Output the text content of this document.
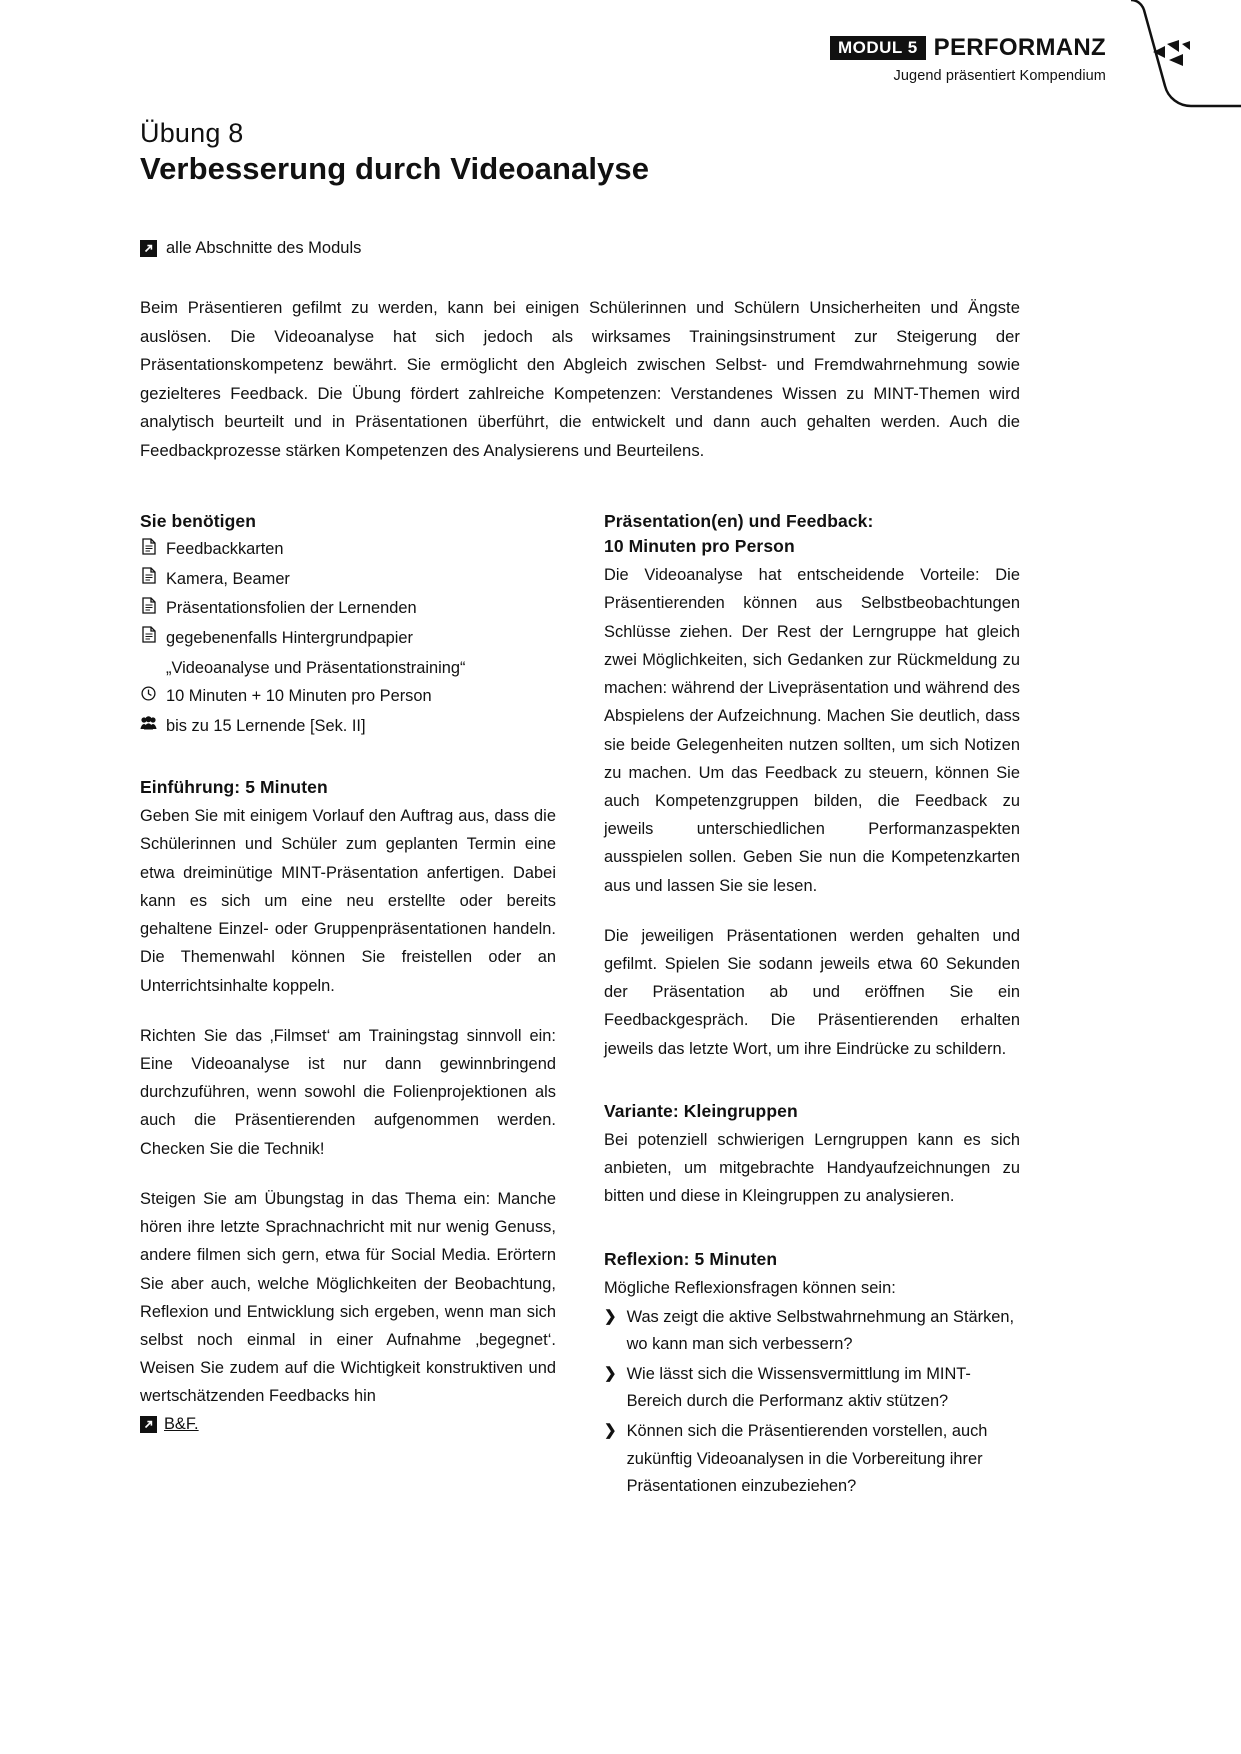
MODUL 5 PERFORMANZ
Jugend präsentiert Kompendium
Übung 8
Verbesserung durch Videoanalyse
alle Abschnitte des Moduls

Beim Präsentieren gefilmt zu werden, kann bei einigen Schülerinnen und Schülern Unsicherheiten und Ängste auslösen. Die Videoanalyse hat sich jedoch als wirksames Trainingsinstrument zur Steigerung der Präsentationskompetenz bewährt. Sie ermöglicht den Abgleich zwischen Selbst- und Fremdwahrnehmung sowie gezielteres Feedback. Die Übung fördert zahlreiche Kompetenzen: Verstandenes Wissen zu MINT-Themen wird analytisch beurteilt und in Präsentationen überführt, die entwickelt und dann auch gehalten werden. Auch die Feedbackprozesse stärken Kompetenzen des Analysierens und Beurteilens.

Sie benötigen
Feedbackkarten
Kamera, Beamer
Präsentationsfolien der Lernenden
gegebenenfalls Hintergrundpapier
„Videoanalyse und Präsentationstraining“
10 Minuten + 10 Minuten pro Person
bis zu 15 Lernende [Sek. II]
Einführung: 5 Minuten

Geben Sie mit einigem Vorlauf den Auftrag aus, dass die Schülerinnen und Schüler zum geplanten Termin eine etwa dreiminütige MINT-Präsentation anfertigen. Dabei kann es sich um eine neu erstellte oder bereits gehaltene Einzel- oder Gruppenpräsentationen handeln. Die Themenwahl können Sie freistellen oder an Unterrichtsinhalte koppeln.

Richten Sie das ‚Filmset‘ am Trainingstag sinnvoll ein: Eine Videoanalyse ist nur dann gewinnbringend durchzuführen, wenn sowohl die Folienprojektionen als auch die Präsentierenden aufgenommen werden. Checken Sie die Technik!

Steigen Sie am Übungstag in das Thema ein: Manche hören ihre letzte Sprachnachricht mit nur wenig Genuss, andere filmen sich gern, etwa für Social Media. Erörtern Sie aber auch, welche Möglichkeiten der Beobachtung, Reflexion und Entwicklung sich ergeben, wenn man sich selbst noch einmal in einer Aufnahme ‚begegnet‘. Weisen Sie zudem auf die Wichtigkeit konstruktiven und wertschätzenden Feedbacks hin

B&F.
Präsentation(en) und Feedback:
10 Minuten pro Person

Die Videoanalyse hat entscheidende Vorteile: Die Präsentierenden können aus Selbstbeobachtungen Schlüsse ziehen. Der Rest der Lerngruppe hat gleich zwei Möglichkeiten, sich Gedanken zur Rückmeldung zu machen: während der Livepräsentation und während des Abspielens der Aufzeichnung. Machen Sie deutlich, dass sie beide Gelegenheiten nutzen sollten, um sich Notizen zu machen. Um das Feedback zu steuern, können Sie auch Kompetenzgruppen bilden, die Feedback zu jeweils unterschiedlichen Performanzaspekten ausspielen sollen. Geben Sie nun die Kompetenzkarten aus und lassen Sie sie lesen.

Die jeweiligen Präsentationen werden gehalten und gefilmt. Spielen Sie sodann jeweils etwa 60 Sekunden der Präsentation ab und eröffnen Sie ein Feedbackgespräch. Die Präsentierenden erhalten jeweils das letzte Wort, um ihre Eindrücke zu schildern.

Variante: Kleingruppen

Bei potenziell schwierigen Lerngruppen kann es sich anbieten, um mitgebrachte Handyaufzeichnungen zu bitten und diese in Kleingruppen zu analysieren.

Reflexion: 5 Minuten

Mögliche Reflexionsfragen können sein:

❯ Was zeigt die aktive Selbstwahrnehmung an Stärken, wo kann man sich verbessern?
❯ Wie lässt sich die Wissensvermittlung im MINT-Bereich durch die Performanz aktiv stützen?
❯ Können sich die Präsentierenden vorstellen, auch zukünftig Videoanalysen in die Vorbereitung ihrer Präsentationen einzubeziehen?
